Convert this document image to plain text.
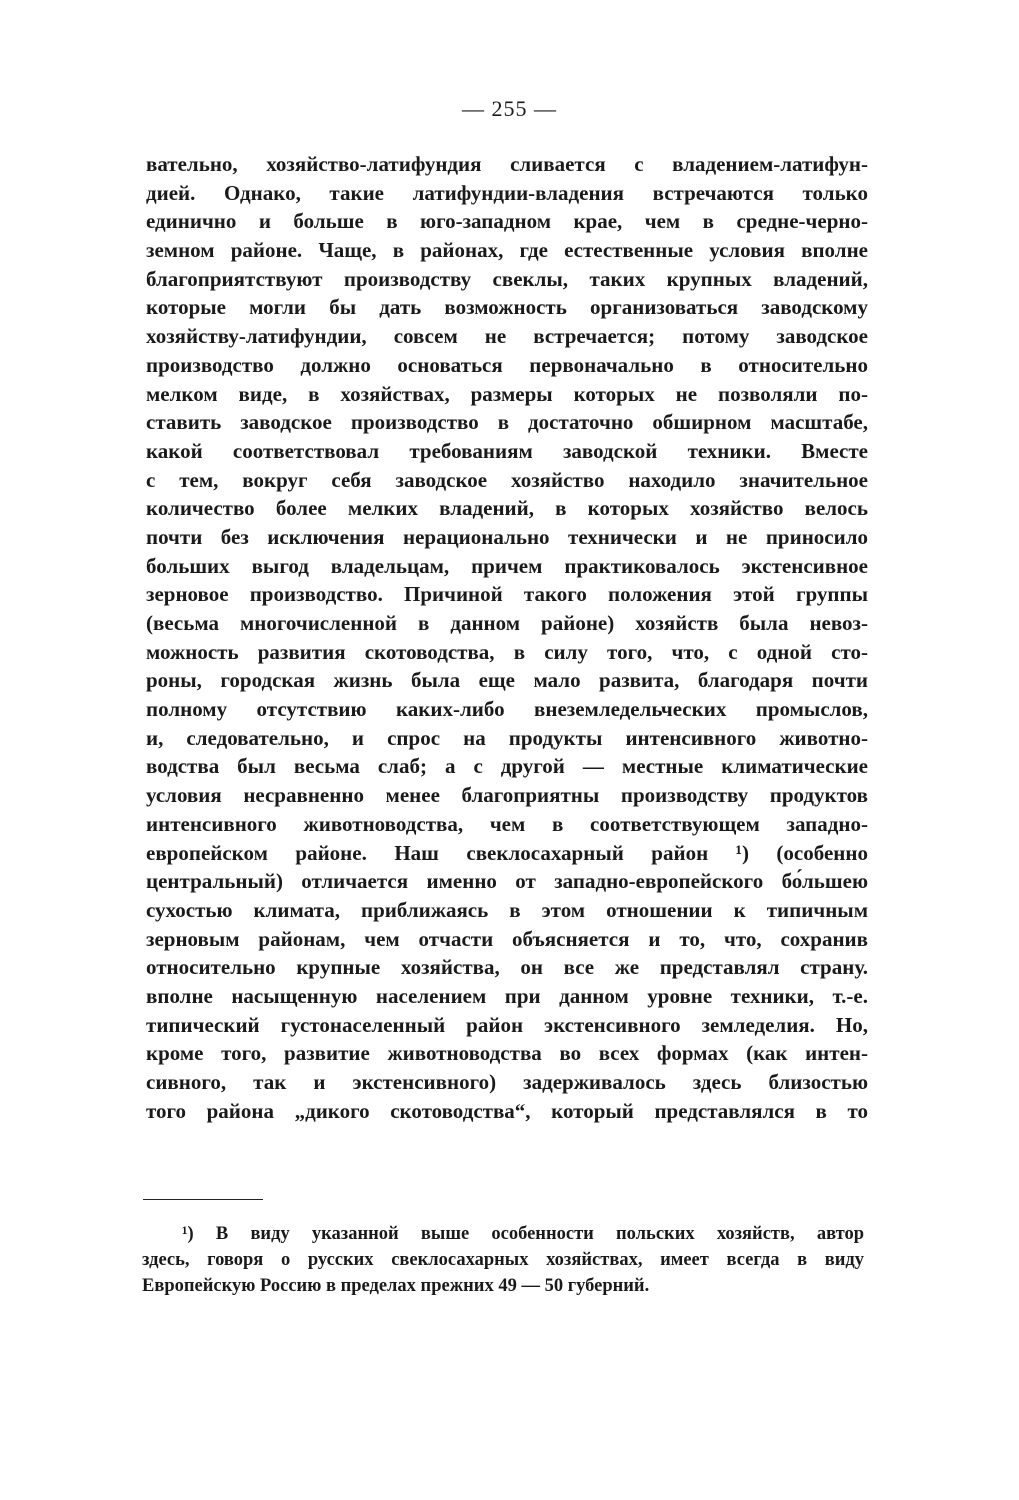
— 255 —
вательно, хозяйство-латифундия сливается с владением-латифун-
дией. Однако, такие латифундии-владения встречаются только
единично и больше в юго-западном крае, чем в средне-черно-
земном районе. Чаще, в районах, где естественные условия вполне
благоприятствуют производству свеклы, таких крупных владений,
которые могли бы дать возможность организоваться заводскому
хозяйству-латифундии, совсем не встречается; потому заводское
производство должно основаться первоначально в относительно
мелком виде, в хозяйствах, размеры которых не позволяли по-
ставить заводское производство в достаточно обширном масштабе,
какой соответствовал требованиям заводской техники. Вместе
с тем, вокруг себя заводское хозяйство находило значительное
количество более мелких владений, в которых хозяйство велось
почти без исключения нерационально технически и не приносило
больших выгод владельцам, причем практиковалось экстенсивное
зерновое производство. Причиной такого положения этой группы
(весьма многочисленной в данном районе) хозяйств была невоз-
можность развития скотоводства, в силу того, что, с одной сто-
роны, городская жизнь была еще мало развита, благодаря почти
полному отсутствию каких-либо внеземледельческих промыслов,
и, следовательно, и спрос на продукты интенсивного животно-
водства был весьма слаб; а с другой — местные климатические
условия несравненно менее благоприятны производству продуктов
интенсивного животноводства, чем в соответствующем западно-
европейском районе. Наш свеклосахарный район ¹) (особенно
центральный) отличается именно от западно-европейского бо́льшею
сухостью климата, приближаясь в этом отношении к типичным
зерновым районам, чем отчасти объясняется и то, что, сохранив
относительно крупные хозяйства, он все же представлял страну.
вполне насыщенную населением при данном уровне техники, т.-е.
типический густонаселенный район экстенсивного земледелия. Но,
кроме того, развитие животноводства во всех формах (как интен-
сивного, так и экстенсивного) задерживалось здесь близостью
того района „дикого скотоводства“, который представлялся в то
¹) В виду указанной выше особенности польских хозяйств, автор
здесь, говоря о русских свеклосахарных хозяйствах, имеет всегда в виду
Европейскую Россию в пределах прежних 49 — 50 губерний.
